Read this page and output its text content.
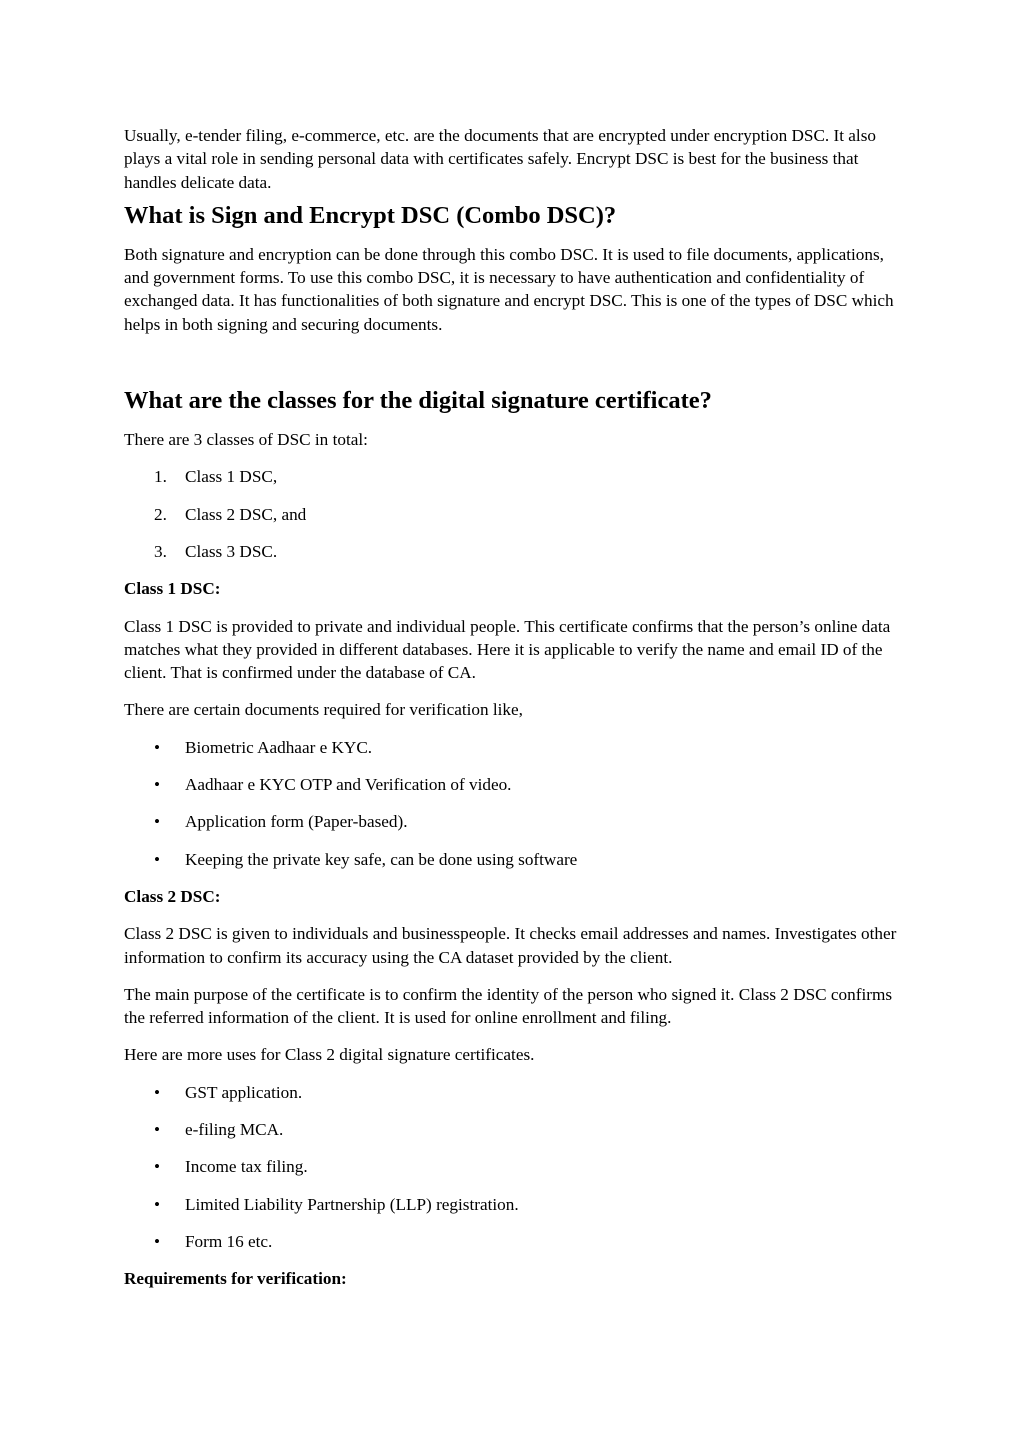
Usually, e-tender filing, e-commerce, etc. are the documents that are encrypted under encryption DSC. It also plays a vital role in sending personal data with certificates safely. Encrypt DSC is best for the business that handles delicate data.

What is Sign and Encrypt DSC (Combo DSC)?

Both signature and encryption can be done through this combo DSC. It is used to file documents, applications, and government forms. To use this combo DSC, it is necessary to have authentication and confidentiality of exchanged data. It has functionalities of both signature and encrypt DSC. This is one of the types of DSC which helps in both signing and securing documents.

What are the classes for the digital signature certificate?

There are 3 classes of DSC in total:

1.	Class 1 DSC,
2.	Class 2 DSC, and
3.	Class 3 DSC.
Class 1 DSC:

Class 1 DSC is provided to private and individual people. This certificate confirms that the person’s online data matches what they provided in different databases. Here it is applicable to verify the name and email ID of the client. That is confirmed under the database of CA.

There are certain documents required for verification like,

•	Biometric Aadhaar e KYC.
•	Aadhaar e KYC OTP and Verification of video.
•	Application form (Paper-based).
•	Keeping the private key safe, can be done using software
Class 2 DSC:

Class 2 DSC is given to individuals and businesspeople. It checks email addresses and names. Investigates other information to confirm its accuracy using the CA dataset provided by the client.

The main purpose of the certificate is to confirm the identity of the person who signed it. Class 2 DSC confirms the referred information of the client. It is used for online enrollment and filing.

Here are more uses for Class 2 digital signature certificates.

•	GST application.
•	e-filing MCA.
•	Income tax filing.
•	Limited Liability Partnership (LLP) registration.
•	Form 16 etc.
Requirements for verification:
